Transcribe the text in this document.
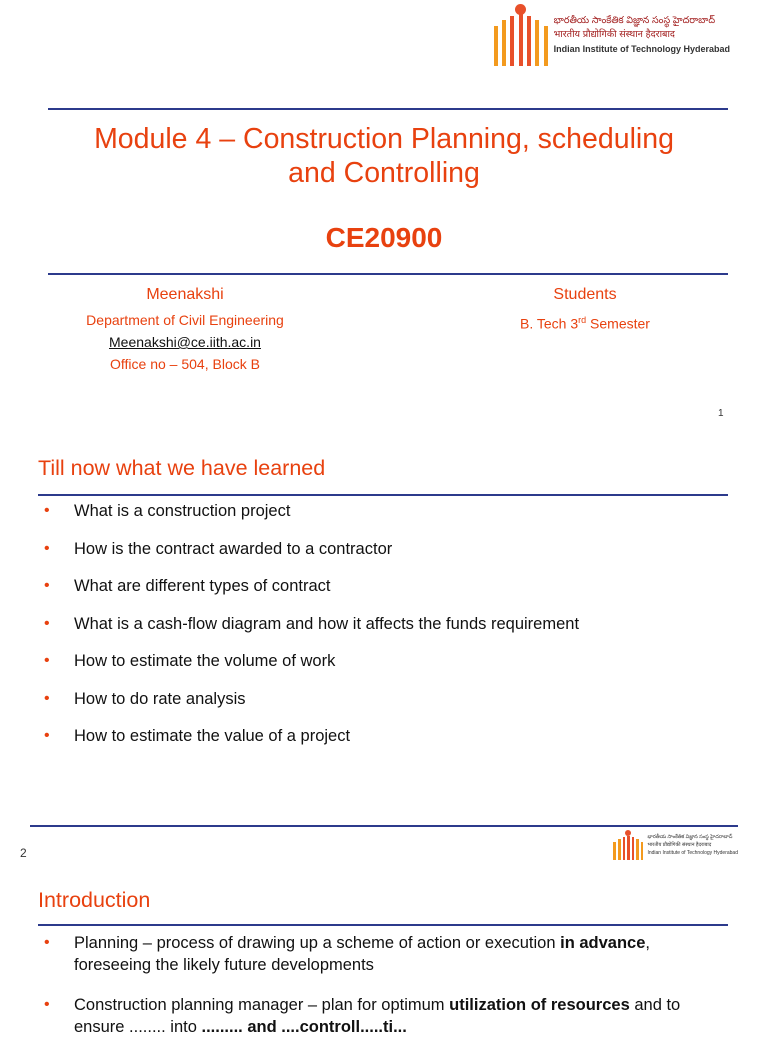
భారతీయ సాంకేతిక విజ్ఞాన సంస్థ హైదరాబాద్
भारतीय प्रौद्योगिकी संस्थान हैदराबाद
Indian Institute of Technology Hyderabad
Module 4 – Construction Planning, scheduling
and Controlling
CE20900
Meenakshi
Department of Civil Engineering
Meenakshi@ce.iith.ac.in
Office no – 504, Block B
Students
B. Tech 3rd Semester
1
Till now what we have learned
• What is a construction project
• How is the contract awarded to a contractor
• What are different types of contract
• What is a cash-flow diagram and how it affects the funds requirement
• How to estimate the volume of work
• How to do rate analysis
• How to estimate the value of a project
2
భారతీయ సాంకేతిక విజ్ఞాన సంస్థ హైదరాబాద్
भारतीय प्रौद्योगिकी संस्थान हैदराबाद
Indian Institute of Technology Hyderabad
Introduction
• Planning – process of drawing up a scheme of action or execution in advance,
foreseeing the likely future developments
• Construction planning manager – plan for optimum utilization of resources and to
ensure ........ into ......... and ....controll.....ti...
